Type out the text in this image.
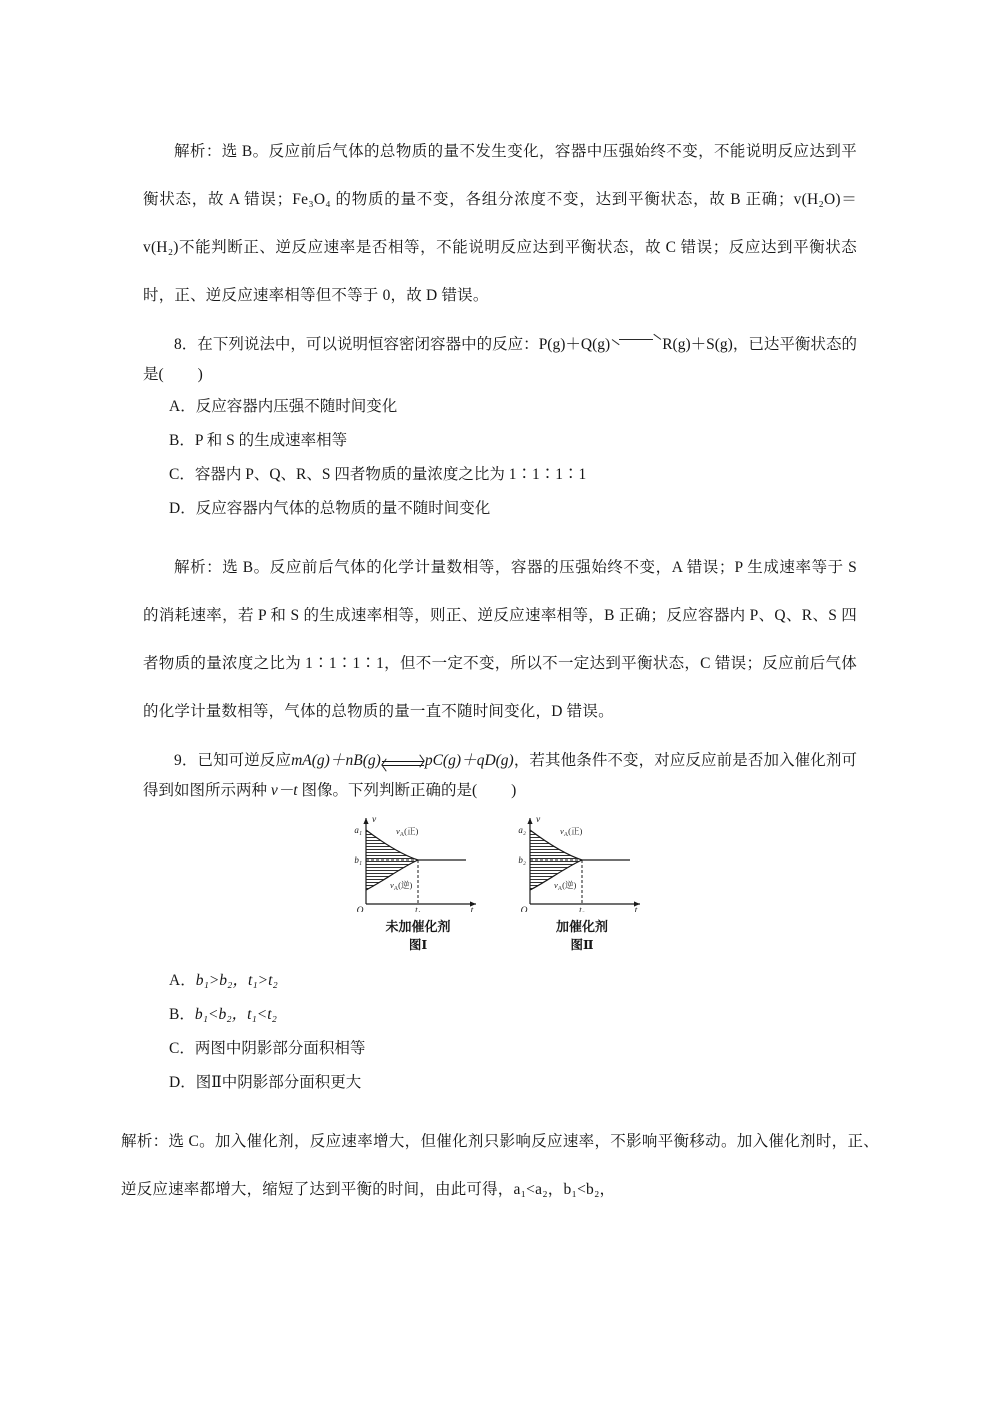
解析：选 B。反应前后气体的总物质的量不发生变化，容器中压强始终不变，不能说明反应达到平衡状态，故 A 错误；Fe₃O₄ 的物质的量不变，各组分浓度不变，达到平衡状态，故 B 正确；v(H₂O)＝v(H₂)不能判断正、逆反应速率是否相等，不能说明反应达到平衡状态，故 C 错误；反应达到平衡状态时，正、逆反应速率相等但不等于 0，故 D 错误。
8．在下列说法中，可以说明恒容密闭容器中的反应：P(g)＋Q(g)	R(g)＋S(g)，已达平衡状态的是( )
A．反应容器内压强不随时间变化
B．P 和 S 的生成速率相等
C．容器内 P、Q、R、S 四者物质的量浓度之比为 1∶1∶1∶1
D．反应容器内气体的总物质的量不随时间变化
解析：选 B。反应前后气体的化学计量数相等，容器的压强始终不变，A 错误；P 生成速率等于 S 的消耗速率，若 P 和 S 的生成速率相等，则正、逆反应速率相等，B 正确；反应容器内 P、Q、R、S 四者物质的量浓度之比为 1∶1∶1∶1，但不一定不变，所以不一定达到平衡状态，C 错误；反应前后气体的化学计量数相等，气体的总物质的量一直不随时间变化，D 错误。
9．已知可逆反应mA(g)＋nB(g)	pC(g)＋qD(g)，若其他条件不变，对应反应前是否加入催化剂可得到如图所示两种 v－t 图像。下列判断正确的是( )
a₁
b₁
O	t₁
v
t
$v_A$(正)
$v_A$(逆)
未加催化剂
图Ⅰ
a₂
b₂
O	t₂
v
t
$v_A$(正)
$v_A$(逆)
加催化剂
图Ⅱ
A．b₁>b₂，t₁>t₂
B．b₁<b₂，t₁<t₂
C．两图中阴影部分面积相等
D．图Ⅱ中阴影部分面积更大
解析：选 C。加入催化剂，反应速率增大，但催化剂只影响反应速率，不影响平衡移动。加入催化剂时，正、逆反应速率都增大，缩短了达到平衡的时间，由此可得，a₁<a₂，b₁<b₂，
